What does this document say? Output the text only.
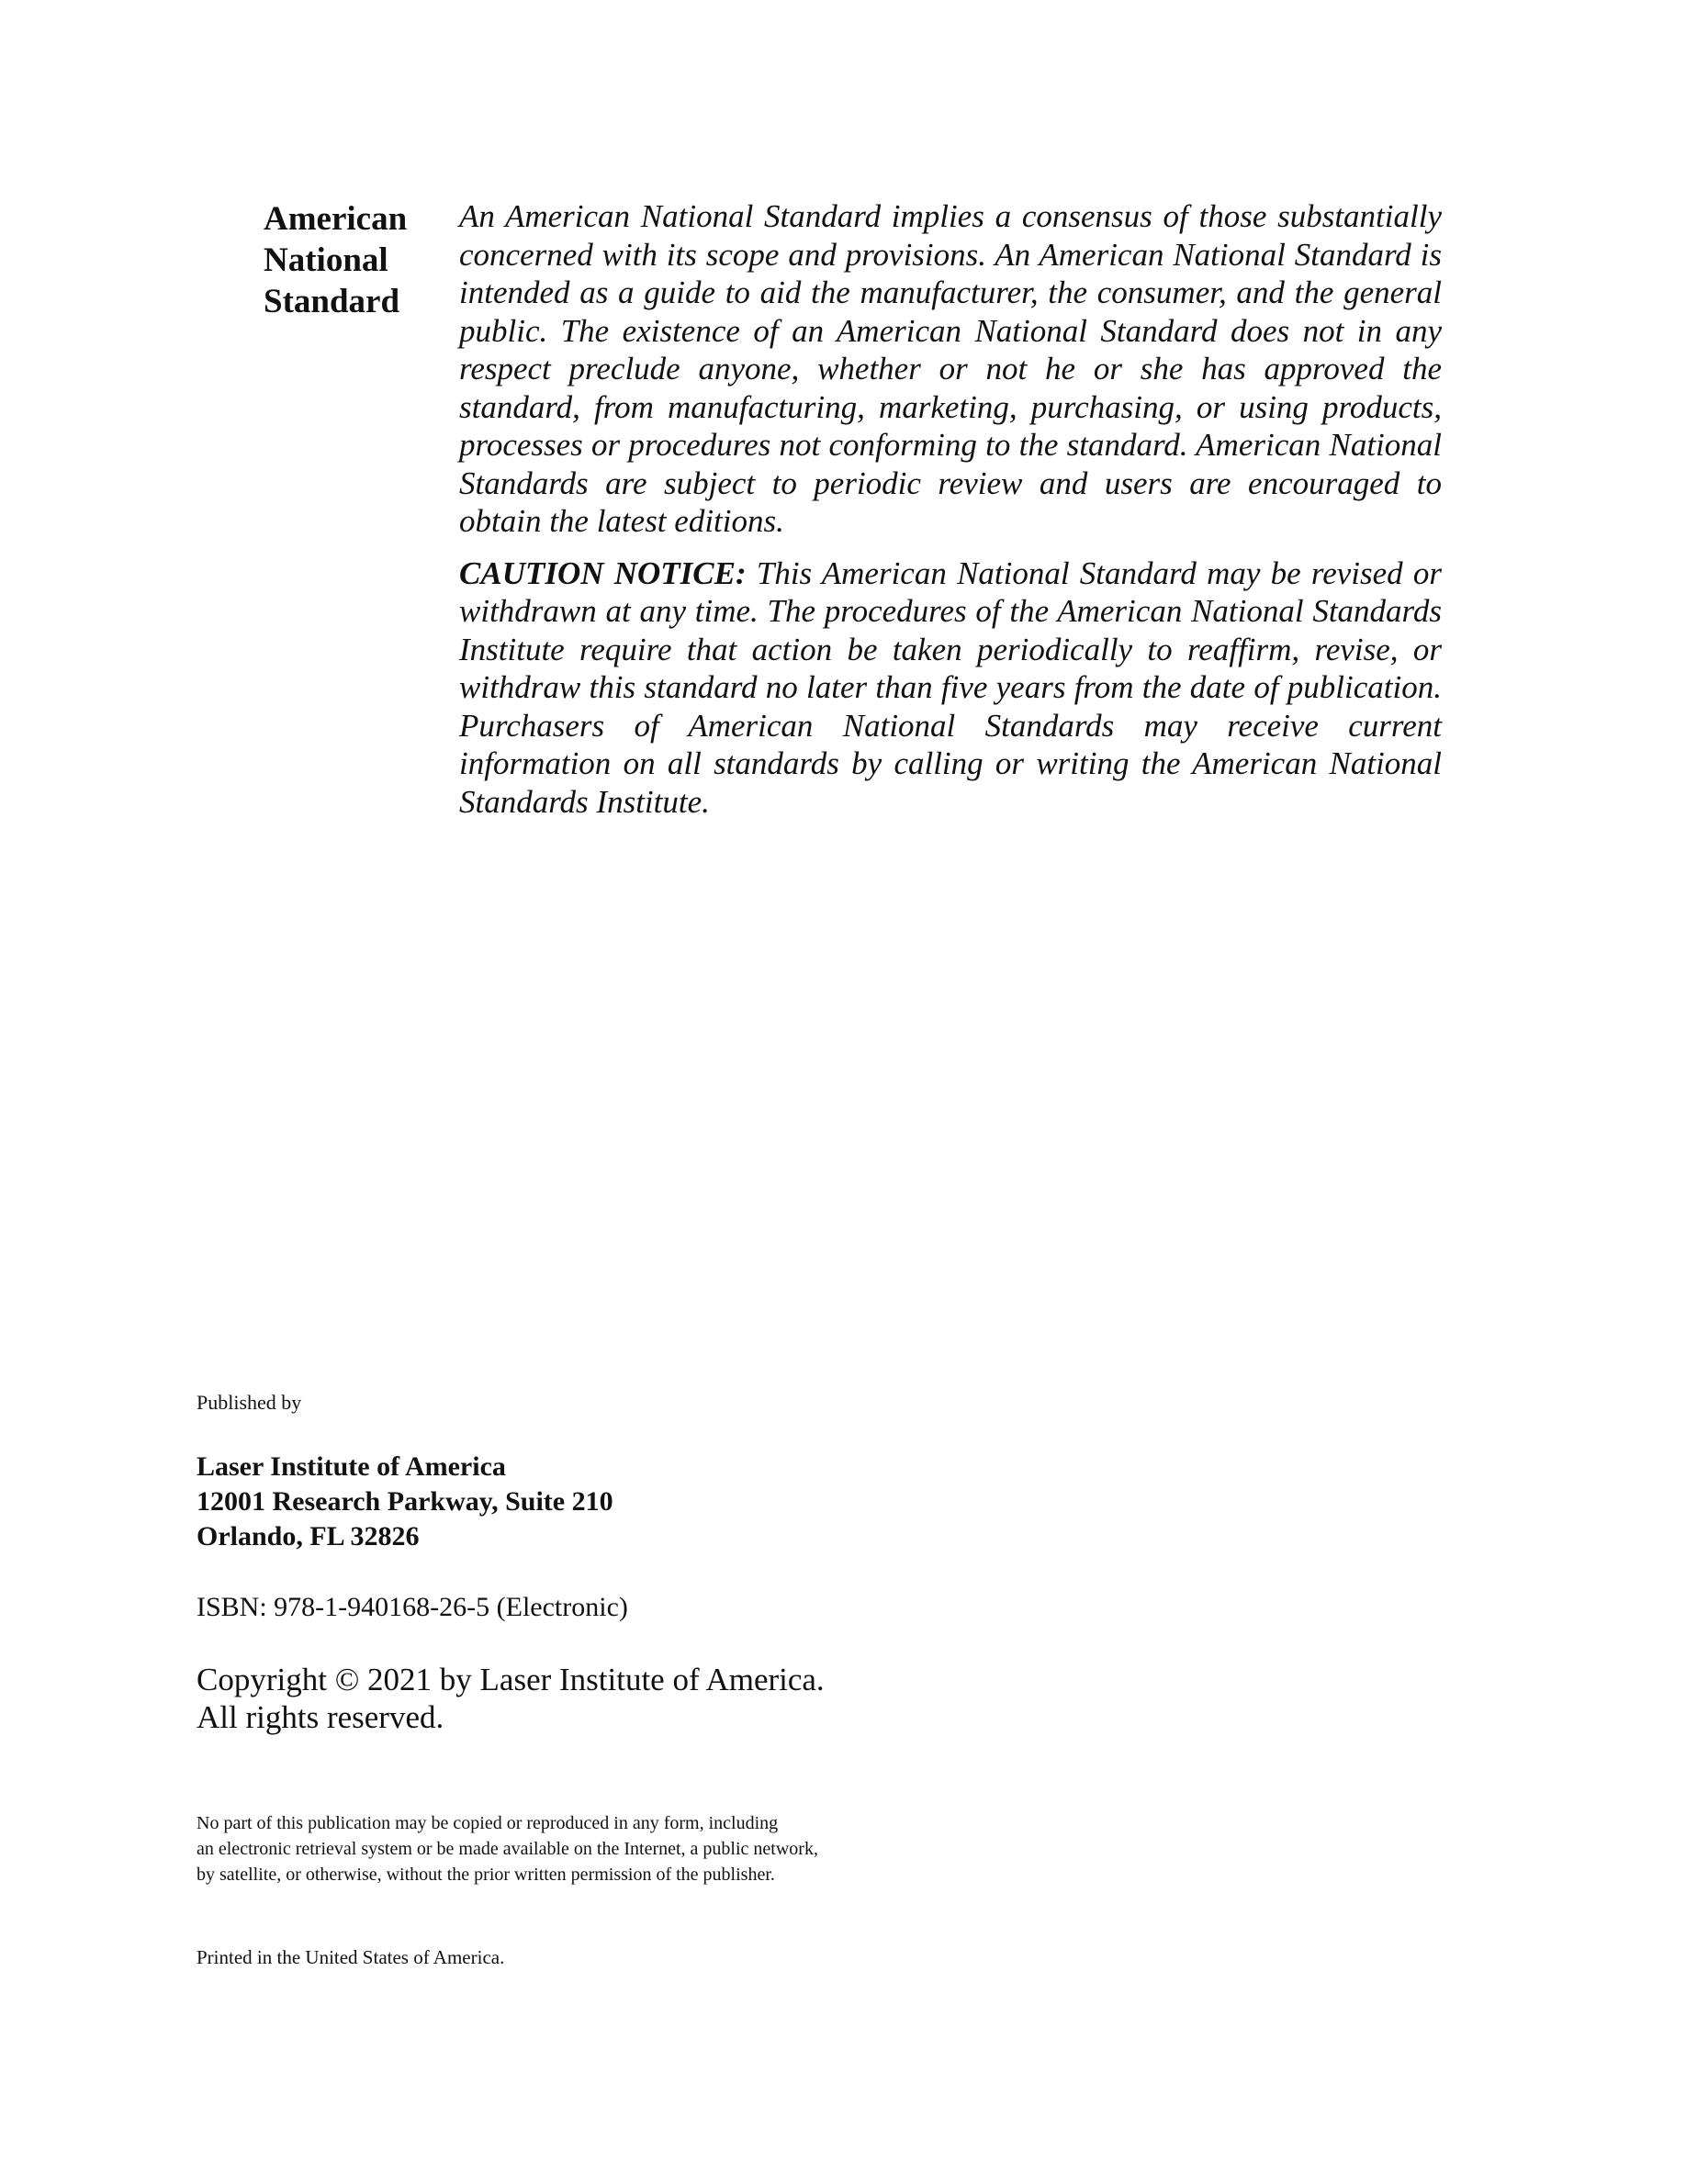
American
National
Standard

An American National Standard implies a consensus of those substantially concerned with its scope and provisions. An American National Standard is intended as a guide to aid the manufacturer, the consumer, and the general public. The existence of an American National Standard does not in any respect preclude anyone, whether or not he or she has approved the standard, from manufacturing, marketing, purchasing, or using products, processes or procedures not conforming to the standard. American National Standards are subject to periodic review and users are encouraged to obtain the latest editions.

CAUTION NOTICE: This American National Standard may be revised or withdrawn at any time. The procedures of the American National Standards Institute require that action be taken periodically to reaffirm, revise, or withdraw this standard no later than five years from the date of publication. Purchasers of American National Standards may receive current information on all standards by calling or writing the American National Standards Institute.

Published by
Laser Institute of America
12001 Research Parkway, Suite 210
Orlando, FL 32826
ISBN: 978-1-940168-26-5 (Electronic)
Copyright © 2021 by Laser Institute of America.
All rights reserved.
No part of this publication may be copied or reproduced in any form, including
an electronic retrieval system or be made available on the Internet, a public network,
by satellite, or otherwise, without the prior written permission of the publisher.
Printed in the United States of America.
